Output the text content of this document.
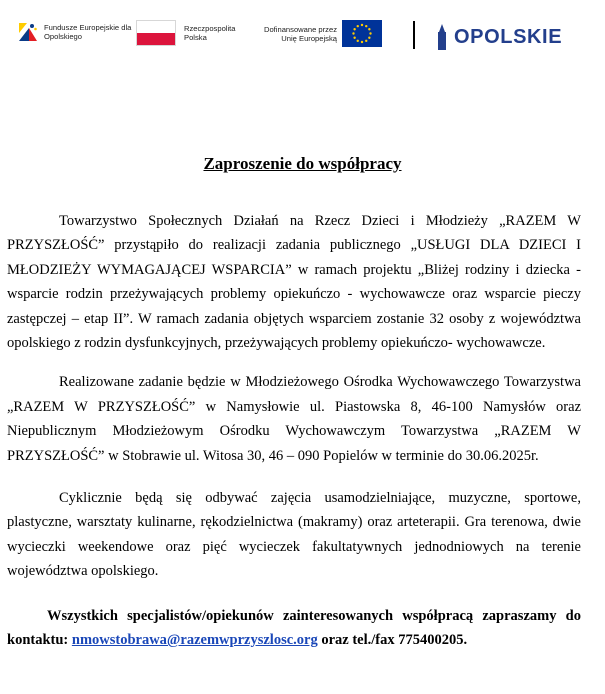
Fundusze Europejskie dla Opolskiego
Rzeczpospolita Polska
Dofinansowane przez Unię Europejską	OPOLSKIE
Zaproszenie do współpracy

Towarzystwo Społecznych Działań na Rzecz Dzieci i Młodzieży „RAZEM W PRZYSZŁOŚĆ” przystąpiło do realizacji zadania publicznego „USŁUGI DLA DZIECI I MŁODZIEŻY WYMAGAJĄCEJ WSPARCIA” w ramach projektu „Bliżej rodziny i dziecka - wsparcie rodzin przeżywających problemy opiekuńczo - wychowawcze oraz wsparcie pieczy zastępczej – etap II”. W ramach zadania objętych wsparciem zostanie 32 osoby z województwa opolskiego z rodzin dysfunkcyjnych, przeżywających problemy opiekuńczo- wychowawcze.

Realizowane zadanie będzie w Młodzieżowego Ośrodka Wychowawczego Towarzystwa „RAZEM W PRZYSZŁOŚĆ” w Namysłowie ul. Piastowska 8, 46-100 Namysłów oraz Niepublicznym Młodzieżowym Ośrodku Wychowawczym Towarzystwa „RAZEM W PRZYSZŁOŚĆ” w Stobrawie ul. Witosa 30, 46 – 090 Popielów w terminie do 30.06.2025r.

Cyklicznie będą się odbywać zajęcia usamodzielniające, muzyczne, sportowe, plastyczne, warsztaty kulinarne, rękodzielnictwa (makramy) oraz arteterapii. Gra terenowa, dwie wycieczki weekendowe oraz pięć wycieczek fakultatywnych jednodniowych na terenie województwa opolskiego.

Wszystkich specjalistów/opiekunów zainteresowanych współpracą zapraszamy do kontaktu: nmowstobrawa@razemwprzyszlosc.org oraz tel./fax 775400205.
